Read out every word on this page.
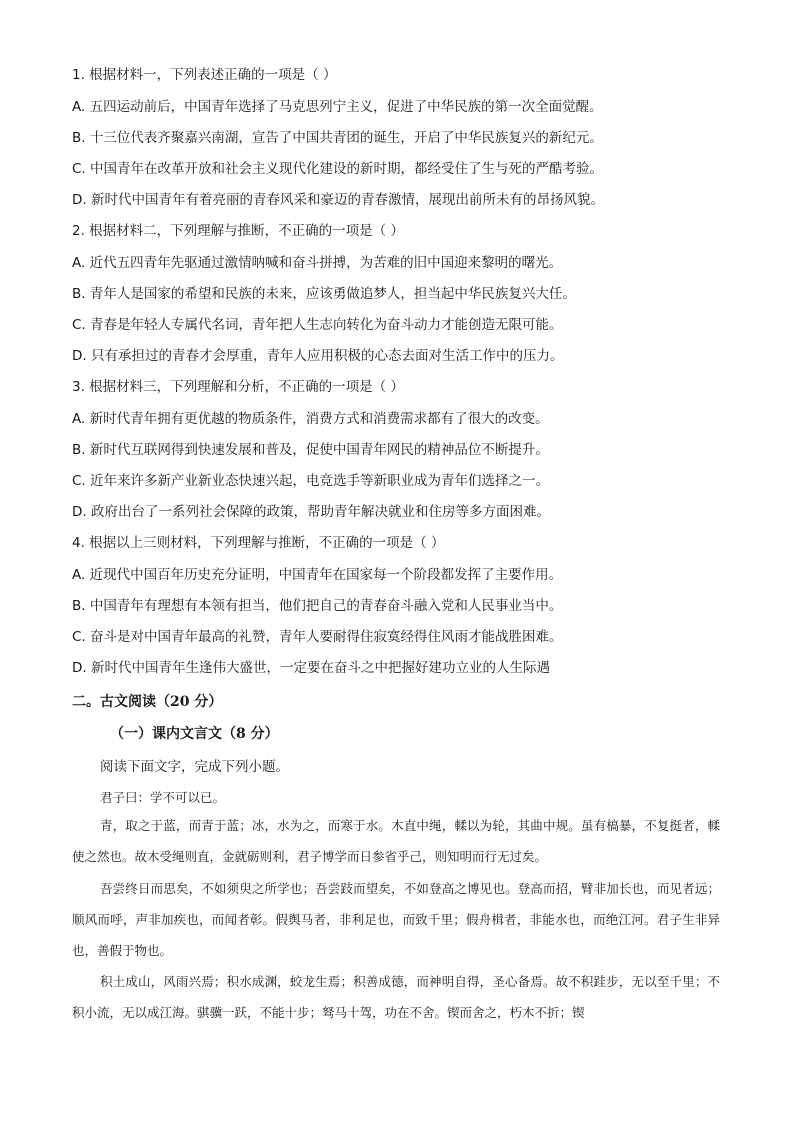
1. 根据材料一，下列表述正确的一项是（ ）
A. 五四运动前后，中国青年选择了马克思列宁主义，促进了中华民族的第一次全面觉醒。
B. 十三位代表齐聚嘉兴南湖，宣告了中国共青团的诞生，开启了中华民族复兴的新纪元。
C. 中国青年在改革开放和社会主义现代化建设的新时期，都经受住了生与死的严酷考验。
D. 新时代中国青年有着亮丽的青春风采和豪迈的青春激情，展现出前所未有的昂扬风貌。
2. 根据材料二，下列理解与推断，不正确的一项是（ ）
A. 近代五四青年先驱通过激情呐喊和奋斗拼搏，为苦难的旧中国迎来黎明的曙光。
B. 青年人是国家的希望和民族的未来，应该勇做追梦人，担当起中华民族复兴大任。
C. 青春是年轻人专属代名词，青年把人生志向转化为奋斗动力才能创造无限可能。
D. 只有承担过的青春才会厚重，青年人应用积极的心态去面对生活工作中的压力。
3. 根据材料三，下列理解和分析，不正确的一项是（ ）
A. 新时代青年拥有更优越的物质条件，消费方式和消费需求都有了很大的改变。
B. 新时代互联网得到快速发展和普及，促使中国青年网民的精神品位不断提升。
C. 近年来许多新产业新业态快速兴起，电竞选手等新职业成为青年们选择之一。
D. 政府出台了一系列社会保障的政策，帮助青年解决就业和住房等多方面困难。
4. 根据以上三则材料，下列理解与推断，不正确的一项是（ ）
A. 近现代中国百年历史充分证明，中国青年在国家每一个阶段都发挥了主要作用。
B. 中国青年有理想有本领有担当，他们把自己的青春奋斗融入党和人民事业当中。
C. 奋斗是对中国青年最高的礼赞，青年人要耐得住寂寞经得住风雨才能战胜困难。
D. 新时代中国青年生逢伟大盛世，一定要在奋斗之中把握好建功立业的人生际遇
二。古文阅读（20 分）
（一）课内文言文（8 分）
阅读下面文字，完成下列小题。
君子曰：学不可以已。

青，取之于蓝，而青于蓝；冰，水为之，而寒于水。木直中绳，輮以为轮，其曲中规。虽有槁暴，不复挺者，輮使之然也。故木受绳则直，金就砺则利，君子博学而日参省乎己，则知明而行无过矣。

吾尝终日而思矣，不如须臾之所学也；吾尝跂而望矣，不如登高之博见也。登高而招，臂非加长也，而见者远；顺风而呼，声非加疾也，而闻者彰。假舆马者，非利足也，而致千里；假舟楫者，非能水也，而绝江河。君子生非异也，善假于物也。

积土成山，风雨兴焉；积水成渊，蛟龙生焉；积善成德，而神明自得，圣心备焉。故不积跬步，无以至千里；不积小流，无以成江海。骐骥一跃，不能十步；驽马十驾，功在不舍。锲而舍之，朽木不折；锲
